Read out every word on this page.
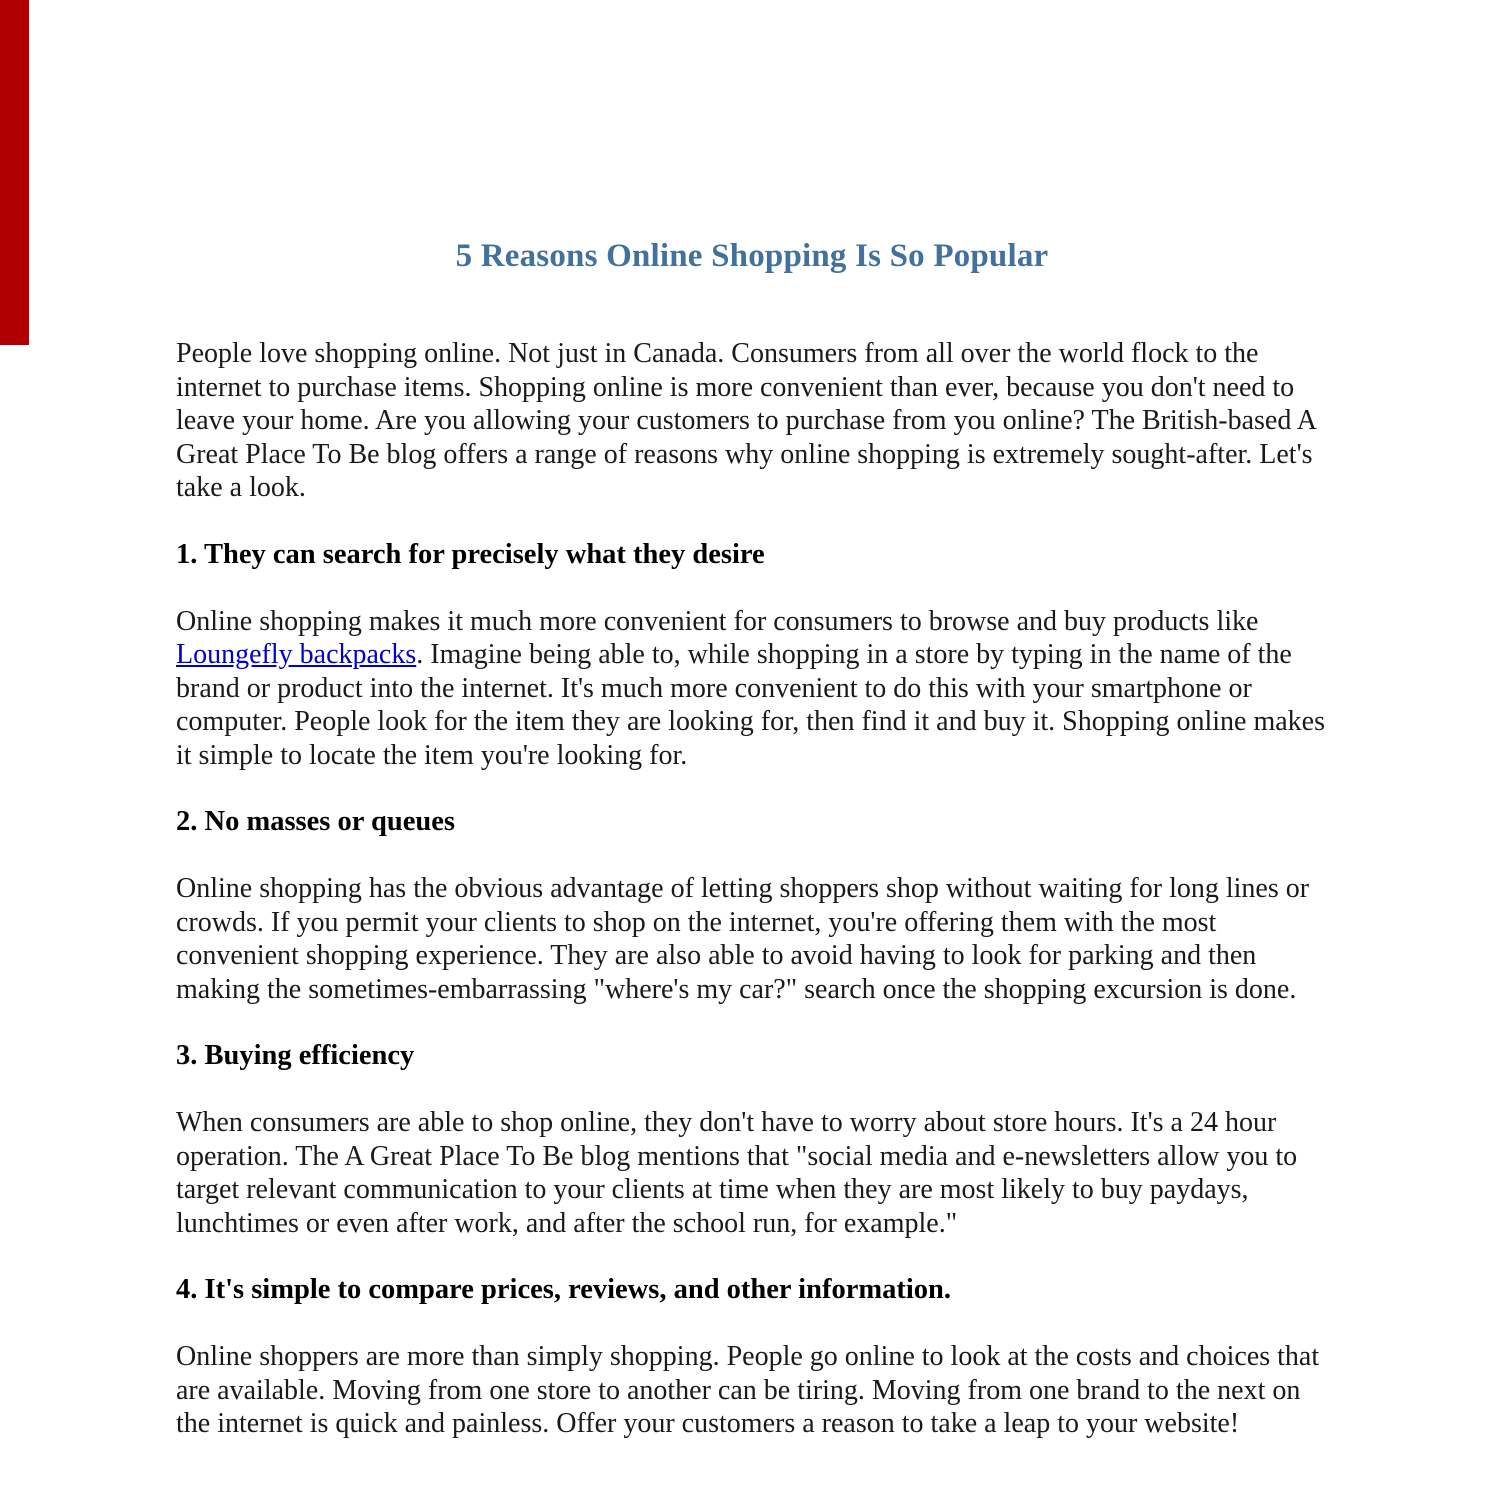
5 Reasons Online Shopping Is So Popular

People love shopping online. Not just in Canada. Consumers from all over the world flock to the internet to purchase items. Shopping online is more convenient than ever, because you don't need to leave your home. Are you allowing your customers to purchase from you online? The British-based A Great Place To Be blog offers a range of reasons why online shopping is extremely sought-after. Let's take a look.

1. They can search for precisely what they desire

Online shopping makes it much more convenient for consumers to browse and buy products like Loungefly backpacks. Imagine being able to, while shopping in a store by typing in the name of the brand or product into the internet. It's much more convenient to do this with your smartphone or computer. People look for the item they are looking for, then find it and buy it. Shopping online makes it simple to locate the item you're looking for.

2. No masses or queues

Online shopping has the obvious advantage of letting shoppers shop without waiting for long lines or crowds. If you permit your clients to shop on the internet, you're offering them with the most convenient shopping experience. They are also able to avoid having to look for parking and then making the sometimes-embarrassing "where's my car?" search once the shopping excursion is done.

3. Buying efficiency

When consumers are able to shop online, they don't have to worry about store hours. It's a 24 hour operation. The A Great Place To Be blog mentions that "social media and e-newsletters allow you to target relevant communication to your clients at time when they are most likely to buy paydays, lunchtimes or even after work, and after the school run, for example."

4. It's simple to compare prices, reviews, and other information.

Online shoppers are more than simply shopping. People go online to look at the costs and choices that are available. Moving from one store to another can be tiring. Moving from one brand to the next on the internet is quick and painless. Offer your customers a reason to take a leap to your website!
